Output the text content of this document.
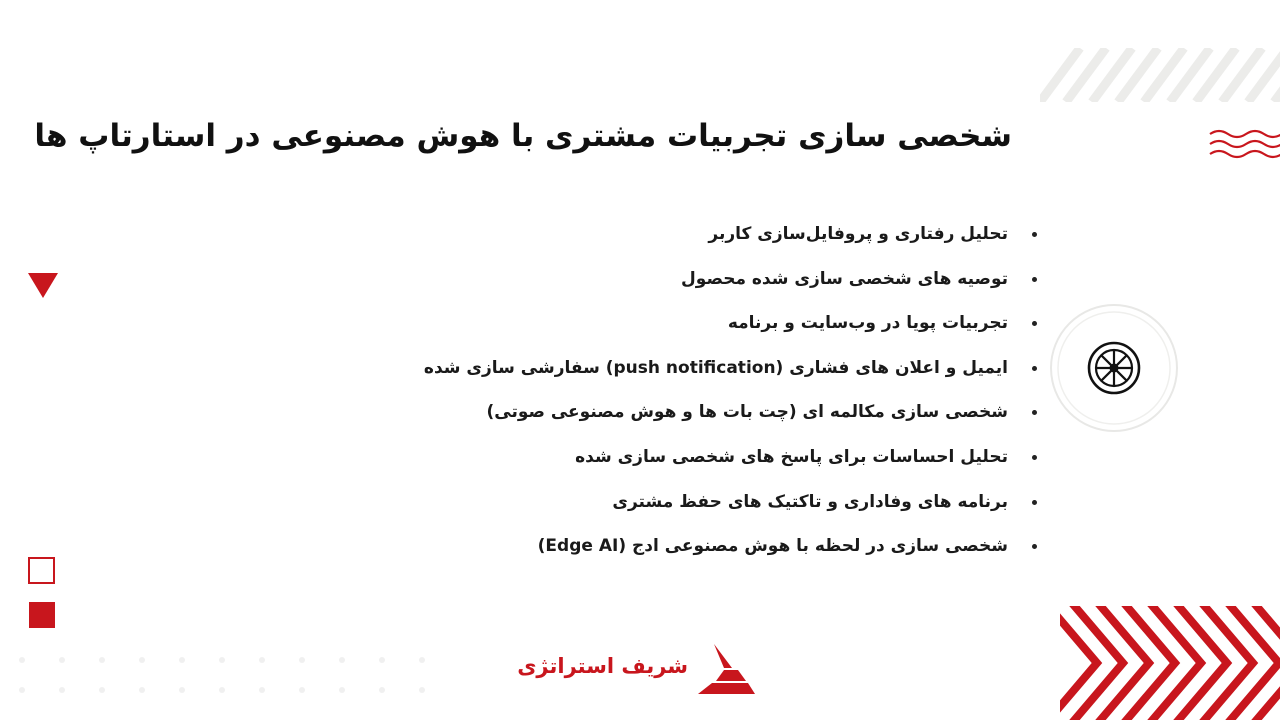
شخصی سازی تجربیات مشتری با هوش مصنوعی در استارتاپ ها
تحلیل رفتاری و پروفایل‌سازی کاربر
توصیه های شخصی سازی شده محصول
تجربیات پویا در وب‌سایت و برنامه
ایمیل و اعلان های فشاری (push notification) سفارشی سازی شده
شخصی سازی مکالمه ای (چت بات ها و هوش مصنوعی صوتی)
تحلیل احساسات برای پاسخ های شخصی سازی شده
برنامه های وفاداری و تاکتیک های حفظ مشتری
شخصی سازی در لحظه با هوش مصنوعی ادج (Edge AI)
شریف استراتژی
